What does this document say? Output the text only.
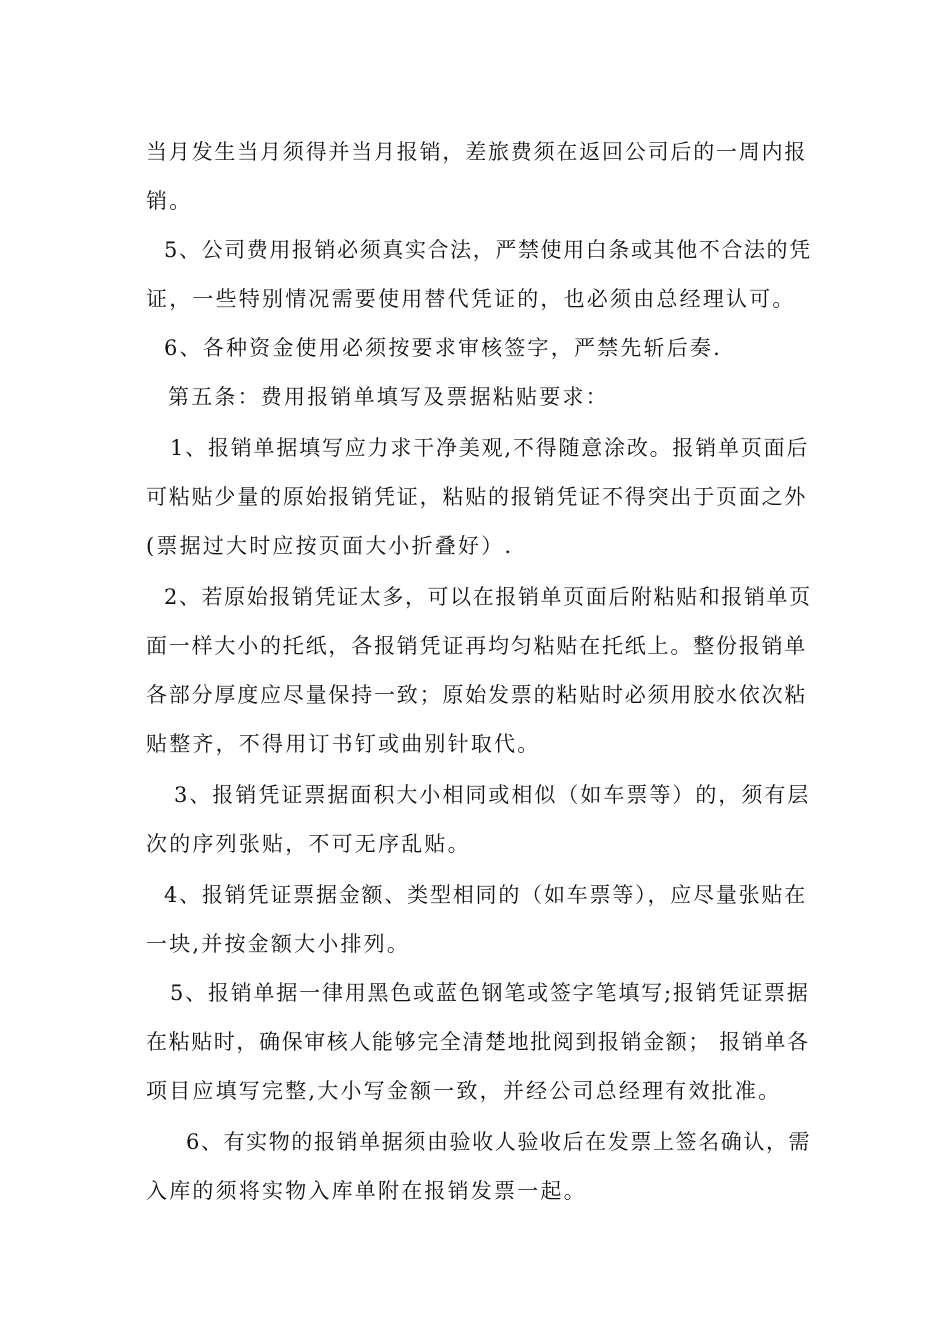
当月发生当月须得并当月报销，差旅费须在返回公司后的一周内报
销。
5、公司费用报销必须真实合法，严禁使用白条或其他不合法的凭
证，一些特别情况需要使用替代凭证的，也必须由总经理认可。
6、各种资金使用必须按要求审核签字，严禁先斩后奏.
第五条：费用报销单填写及票据粘贴要求：
1、报销单据填写应力求干净美观,不得随意涂改。报销单页面后
可粘贴少量的原始报销凭证，粘贴的报销凭证不得突出于页面之外
(票据过大时应按页面大小折叠好）.
2、若原始报销凭证太多，可以在报销单页面后附粘贴和报销单页
面一样大小的托纸，各报销凭证再均匀粘贴在托纸上。整份报销单
各部分厚度应尽量保持一致；原始发票的粘贴时必须用胶水依次粘
贴整齐，不得用订书钉或曲别针取代。
3、报销凭证票据面积大小相同或相似（如车票等）的，须有层
次的序列张贴，不可无序乱贴。
4、报销凭证票据金额、类型相同的（如车票等），应尽量张贴在
一块,并按金额大小排列。
5、报销单据一律用黑色或蓝色钢笔或签字笔填写;报销凭证票据
在粘贴时，确保审核人能够完全清楚地批阅到报销金额； 报销单各
项目应填写完整,大小写金额一致，并经公司总经理有效批准。
6、有实物的报销单据须由验收人验收后在发票上签名确认，需
入库的须将实物入库单附在报销发票一起。
